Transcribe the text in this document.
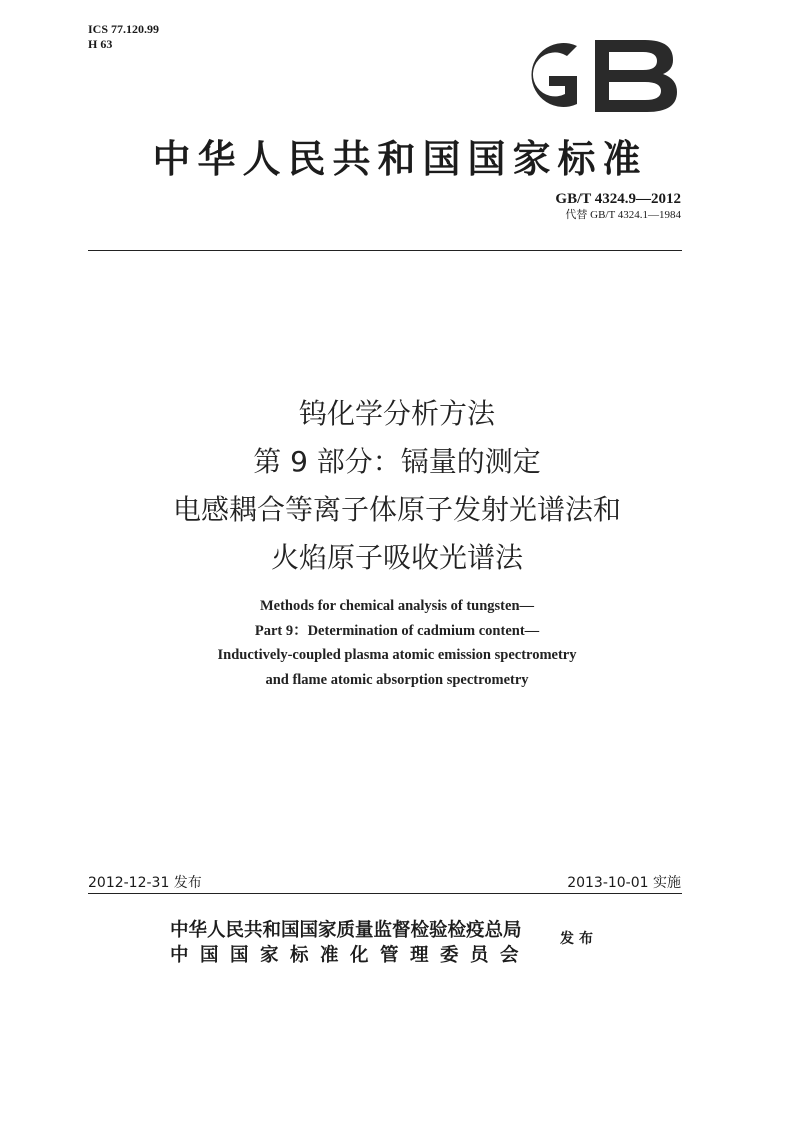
ICS 77.120.99
H 63
中华人民共和国国家标准
GB/T 4324.9—2012
代替 GB/T 4324.1—1984
钨化学分析方法
第 9 部分：镉量的测定
电感耦合等离子体原子发射光谱法和
火焰原子吸收光谱法
Methods for chemical analysis of tungsten—
Part 9：Determination of cadmium content—
Inductively-coupled plasma atomic emission spectrometry
and flame atomic absorption spectrometry
2012-12-31 发布	2013-10-01 实施
中华人民共和国国家质量监督检验检疫总局
中国国家标准化管理委员会
发布
